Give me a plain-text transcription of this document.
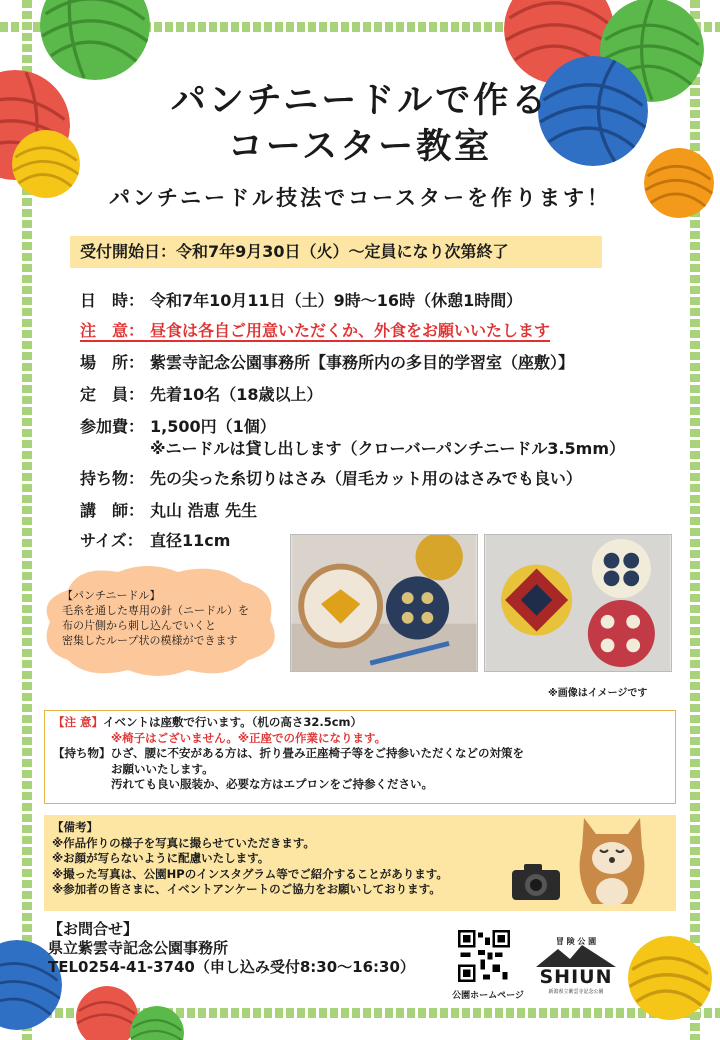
パンチニードルで作る
コースター教室
パンチニードル技法でコースターを作ります！
受付開始日：令和7年9月30日（火）～定員になり次第終了
日　時： 令和7年10月11日（土）9時～16時（休憩1時間）
注　意： 昼食は各自ご用意いただくか、外食をお願いいたします
場　所： 紫雲寺記念公園事務所【事務所内の多目的学習室（座敷）】
定　員： 先着10名（18歳以上）
参加費： 1,500円（1個）
※ニードルは貸し出します（クローバーパンチニードル3.5mm）
持ち物： 先の尖った糸切りはさみ（眉毛カット用のはさみでも良い）
講　師： 丸山 浩恵 先生
サイズ： 直径11cm
※画像はイメージです
【パンチニードル】
毛糸を通した専用の針（ニードル）を
布の片側から刺し込んでいくと
密集したループ状の模様ができます
【注 意】イベントは座敷で行います。（机の高さ32.5cm）
※椅子はございません。※正座での作業になります。
【持ち物】ひざ、腰に不安がある方は、折り畳み正座椅子等をご持参いただくなどの対策を
お願いいたします。
汚れても良い服装か、必要な方はエプロンをご持参ください。
【備考】
※作品作りの様子を写真に撮らせていただきます。
※お顔が写らないように配慮いたします。
※撮った写真は、公園HPのインスタグラム等でご紹介することがあります。
※参加者の皆さまに、イベントアンケートのご協力をお願いしております。
【お問合せ】
県立紫雲寺記念公園事務所
TEL0254-41-3740（申し込み受付8:30～16:30）
公園ホームページ
冒 険 公 園
SHIUN
新潟県立紫雲寺記念公園
